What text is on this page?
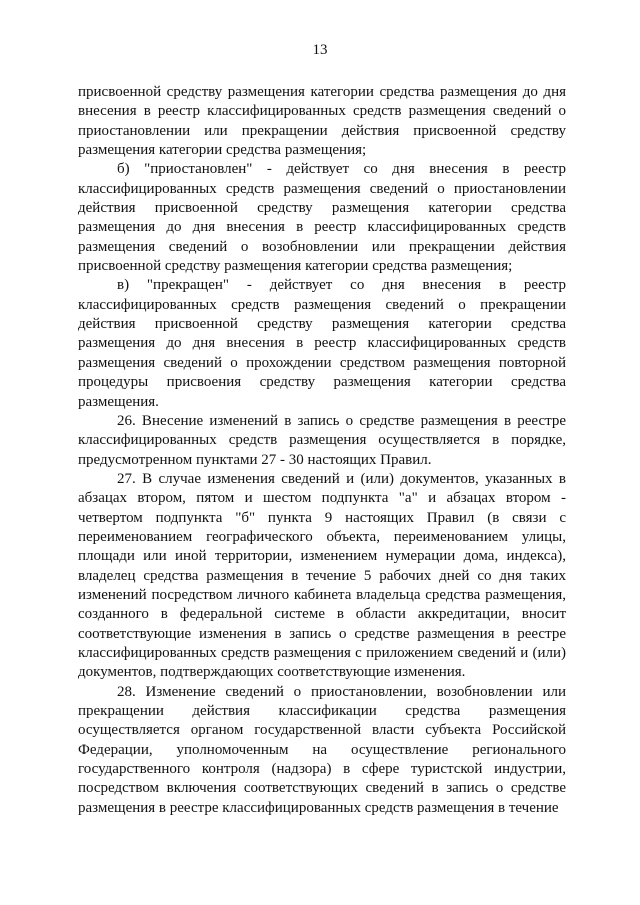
13

присвоенной средству размещения категории средства размещения до дня внесения в реестр классифицированных средств размещения сведений о приостановлении или прекращении действия присвоенной средству размещения категории средства размещения;

б) "приостановлен" - действует со дня внесения в реестр классифицированных средств размещения сведений о приостановлении действия присвоенной средству размещения категории средства размещения до дня внесения в реестр классифицированных средств размещения сведений о возобновлении или прекращении действия присвоенной средству размещения категории средства размещения;

в) "прекращен" - действует со дня внесения в реестр классифицированных средств размещения сведений о прекращении действия присвоенной средству размещения категории средства размещения до дня внесения в реестр классифицированных средств размещения сведений о прохождении средством размещения повторной процедуры присвоения средству размещения категории средства размещения.

26. Внесение изменений в запись о средстве размещения в реестре классифицированных средств размещения осуществляется в порядке, предусмотренном пунктами 27 - 30 настоящих Правил.

27. В случае изменения сведений и (или) документов, указанных в абзацах втором, пятом и шестом подпункта "а" и абзацах втором - четвертом подпункта "б" пункта 9 настоящих Правил (в связи с переименованием географического объекта, переименованием улицы, площади или иной территории, изменением нумерации дома, индекса), владелец средства размещения в течение 5 рабочих дней со дня таких изменений посредством личного кабинета владельца средства размещения, созданного в федеральной системе в области аккредитации, вносит соответствующие изменения в запись о средстве размещения в реестре классифицированных средств размещения с приложением сведений и (или) документов, подтверждающих соответствующие изменения.

28. Изменение сведений о приостановлении, возобновлении или прекращении действия классификации средства размещения осуществляется органом государственной власти субъекта Российской Федерации, уполномоченным на осуществление регионального государственного контроля (надзора) в сфере туристской индустрии, посредством включения соответствующих сведений в запись о средстве размещения в реестре классифицированных средств размещения в течение
